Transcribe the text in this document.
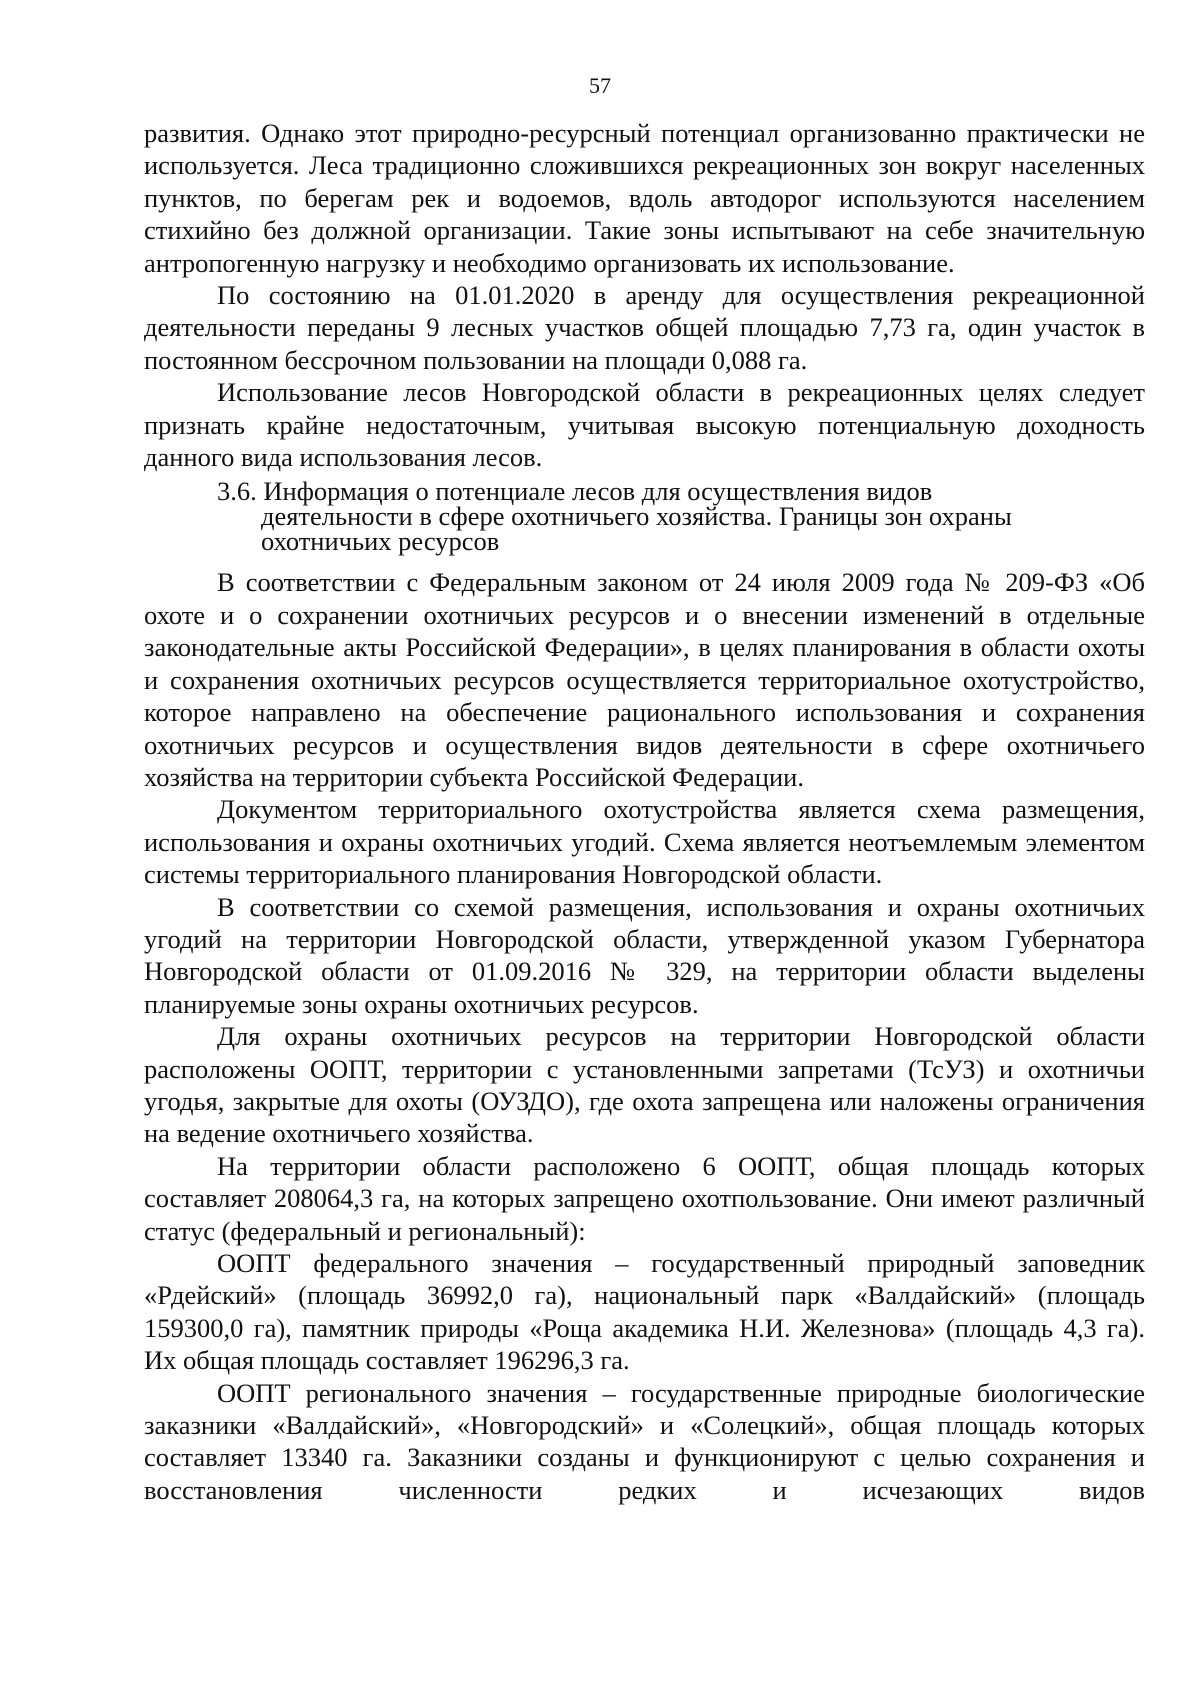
57

развития. Однако этот природно-ресурсный потенциал организованно практически не используется. Леса традиционно сложившихся рекреационных зон вокруг населенных пунктов, по берегам рек и водоемов, вдоль автодорог используются населением стихийно без должной организации. Такие зоны испытывают на себе значительную антропогенную нагрузку и необходимо организовать их использование.

По состоянию на 01.01.2020 в аренду для осуществления рекреационной деятельности переданы 9 лесных участков общей площадью 7,73 га, один участок в постоянном бессрочном пользовании на площади 0,088 га.

Использование лесов Новгородской области в рекреационных целях следует признать крайне недостаточным, учитывая высокую потенциальную доходность данного вида использования лесов.

3.6. Информация о потенциале лесов для осуществления видов
деятельности в сфере охотничьего хозяйства. Границы зон охраны
охотничьих ресурсов

В соответствии с Федеральным законом от 24 июля 2009 года № 209-ФЗ «Об охоте и о сохранении охотничьих ресурсов и о внесении изменений в отдельные законодательные акты Российской Федерации», в целях планирования в области охоты и сохранения охотничьих ресурсов осуществляется территориальное охотустройство, которое направлено на обеспечение рационального использования и сохранения охотничьих ресурсов и осуществления видов деятельности в сфере охотничьего хозяйства на территории субъекта Российской Федерации.

Документом территориального охотустройства является схема размещения, использования и охраны охотничьих угодий. Схема является неотъемлемым элементом системы территориального планирования Новгородской области.

В соответствии со схемой размещения, использования и охраны охотничьих угодий на территории Новгородской области, утвержденной указом Губернатора Новгородской области от 01.09.2016 № 329, на территории области выделены планируемые зоны охраны охотничьих ресурсов.

Для охраны охотничьих ресурсов на территории Новгородской области расположены ООПТ, территории с установленными запретами (ТсУЗ) и охотничьи угодья, закрытые для охоты (ОУЗДО), где охота запрещена или наложены ограничения на ведение охотничьего хозяйства.

На территории области расположено 6 ООПТ, общая площадь которых составляет 208064,3 га, на которых запрещено охотпользование. Они имеют различный статус (федеральный и региональный):

ООПТ федерального значения – государственный природный заповедник «Рдейский» (площадь 36992,0 га), национальный парк «Валдайский» (площадь 159300,0 га), памятник природы «Роща академика Н.И. Железнова» (площадь 4,3 га). Их общая площадь составляет 196296,3 га.

ООПТ регионального значения – государственные природные биологические заказники «Валдайский», «Новгородский» и «Солецкий», общая площадь которых составляет 13340 га. Заказники созданы и функционируют с целью сохранения и восстановления численности редких и исчезающих видов
